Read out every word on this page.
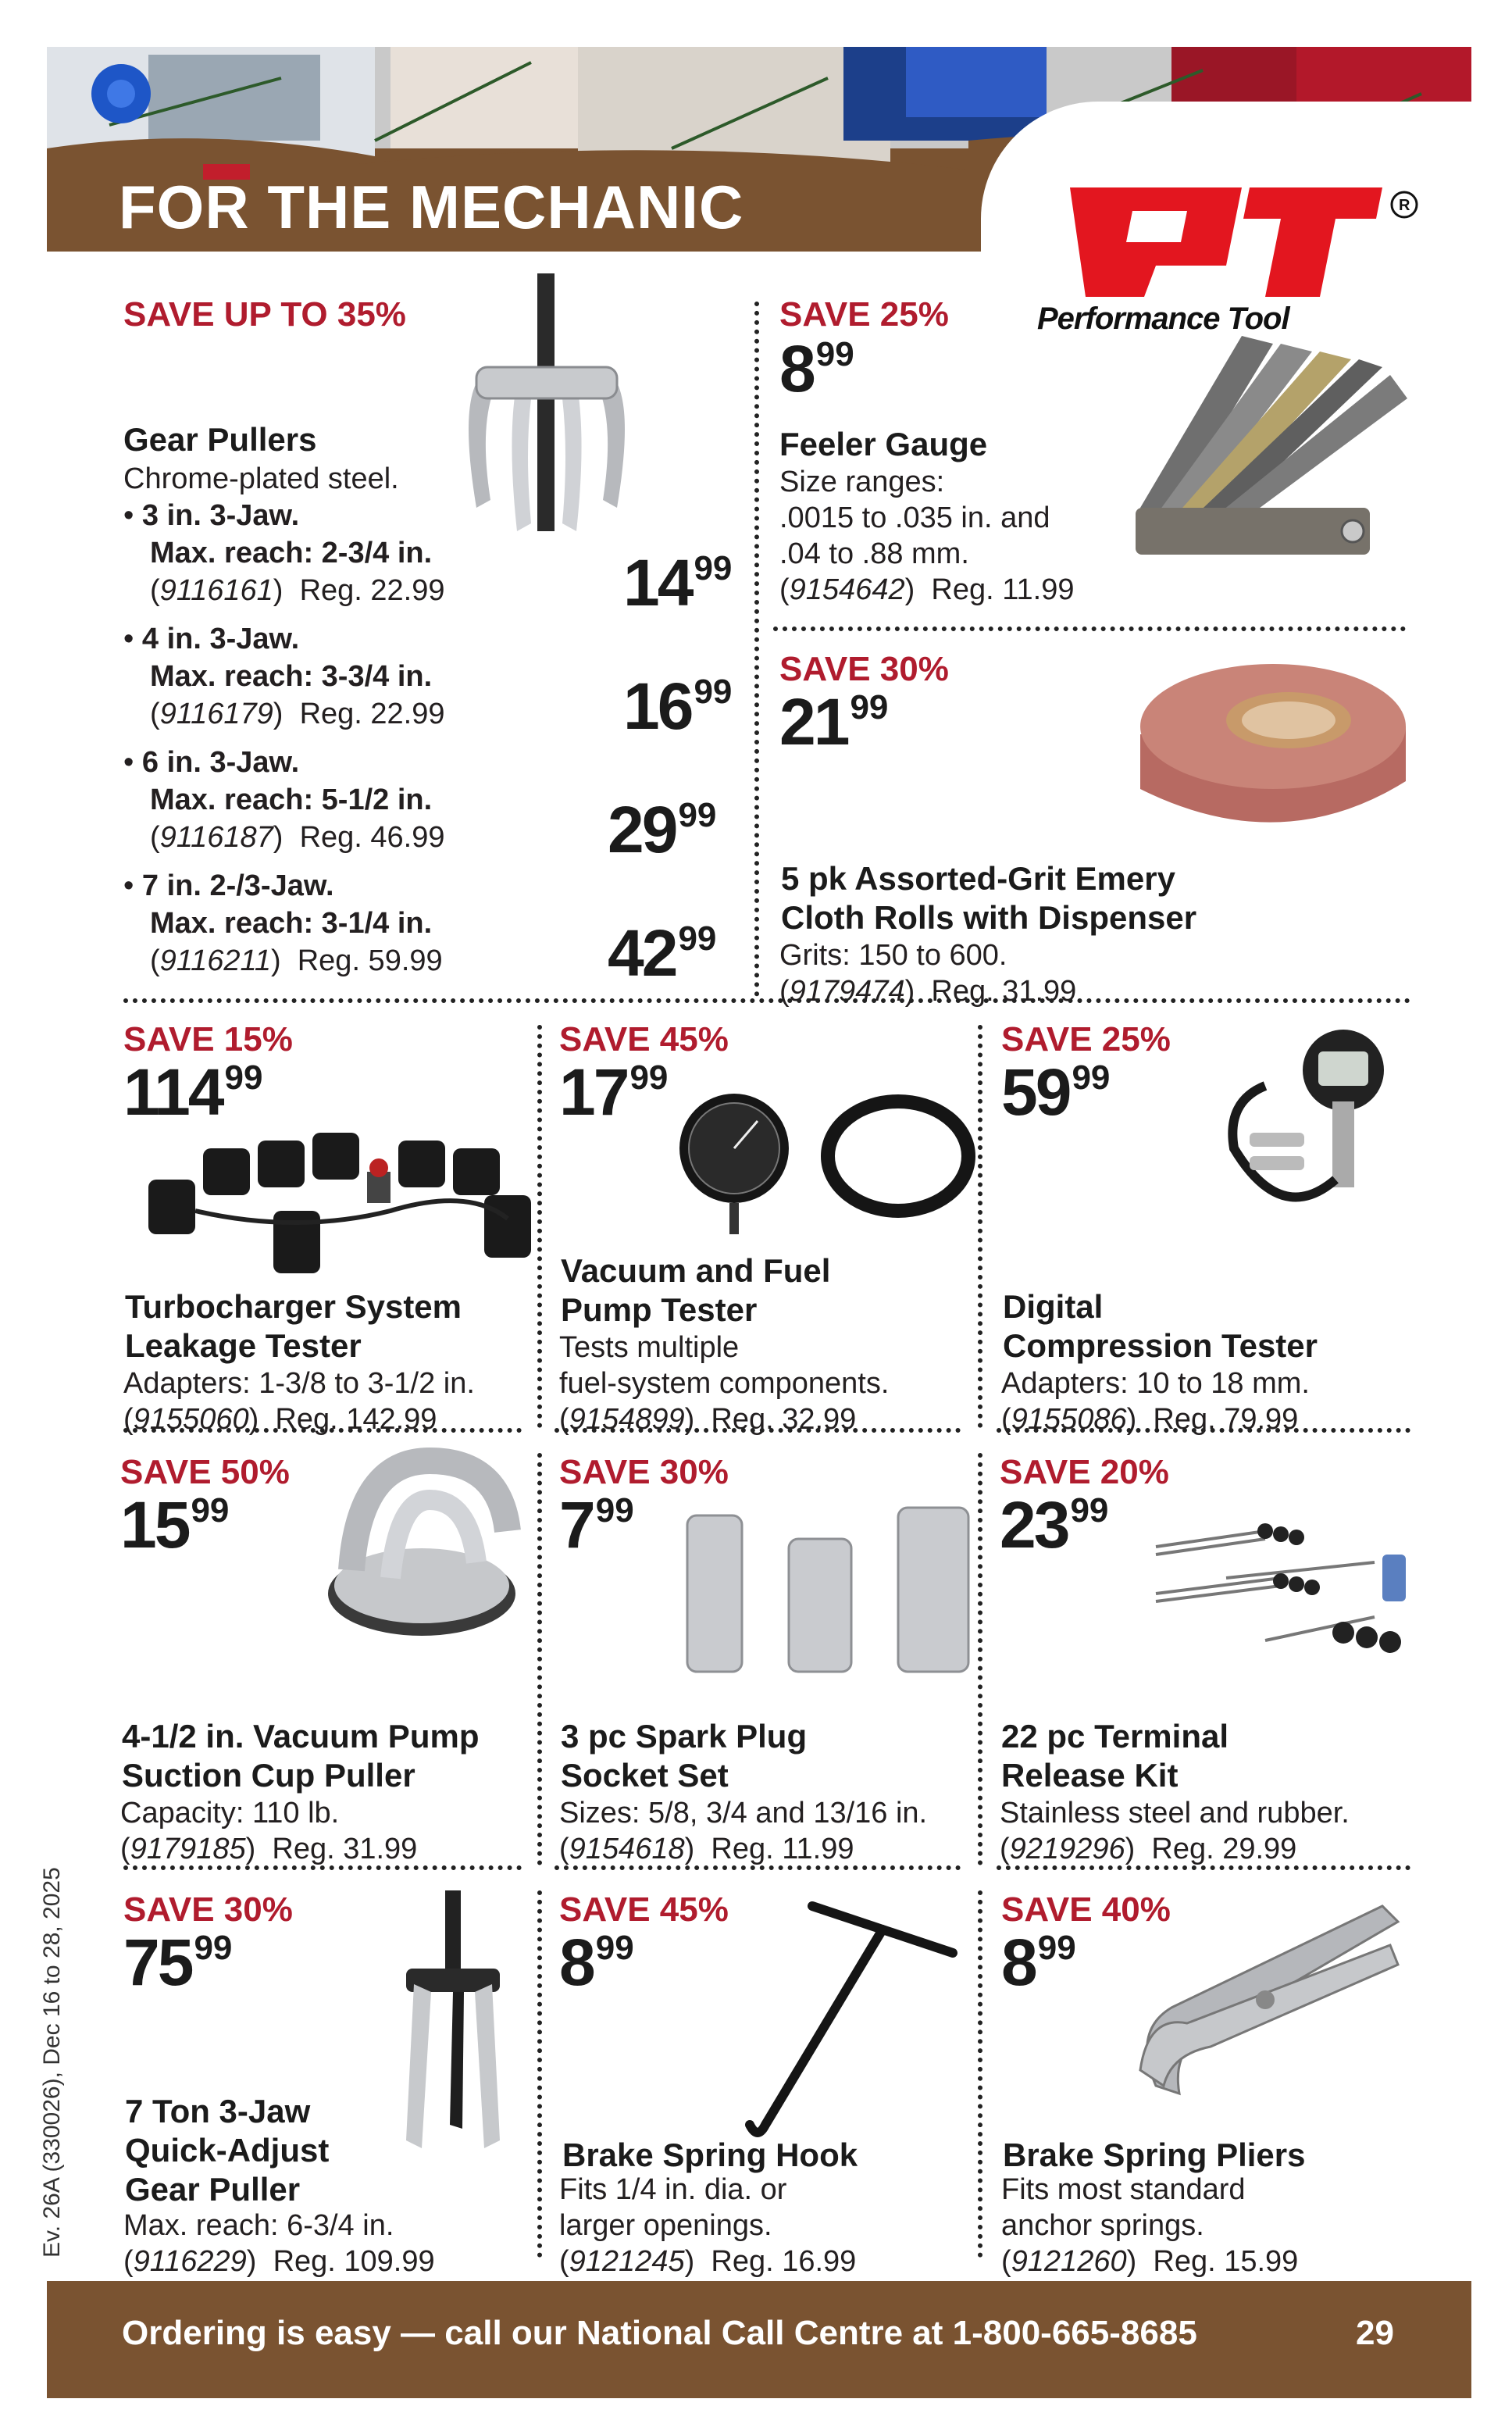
FOR THE MECHANIC	R
Performance Tool
SAVE UP TO 35%
Gear Pullers
Chrome-plated steel.
• 3 in. 3-Jaw.
Max. reach: 2-3/4 in.
(9116161)  Reg. 22.99	$14^{99}$
• 4 in. 3-Jaw.
Max. reach: 3-3/4 in.
(9116179)  Reg. 22.99	$16^{99}$
• 6 in. 3-Jaw.
Max. reach: 5-1/2 in.
(9116187)  Reg. 46.99 $29^{99}$
• 7 in. 2-/3-Jaw.
Max. reach: 3-1/4 in.
(9116211)  Reg. 59.99	$42^{99}$
SAVE 25%
$8^{99}$
Feeler Gauge
Size ranges:
.0015 to .035 in. and
.04 to .88 mm.
(9154642)  Reg. 11.99
SAVE 30%
$21^{99}$
5 pk Assorted-Grit Emery
Cloth Rolls with Dispenser
Grits: 150 to 600.
(9179474)  Reg. 31.99
SAVE 15%
$114^{99}$
Turbocharger System
Leakage Tester
Adapters: 1-3/8 to 3-1/2 in.
(9155060)  Reg. 142.99
SAVE 45%
$17^{99}$
Vacuum and Fuel
Pump Tester
Tests multiple
fuel-system components.
(9154899)  Reg. 32.99
SAVE 25%
$59^{99}$
Digital
Compression Tester
Adapters: 10 to 18 mm.
(9155086)  Reg. 79.99
SAVE 50%
$15^{99}$
4-1/2 in. Vacuum Pump
Suction Cup Puller
Capacity: 110 lb.
(9179185)  Reg. 31.99
SAVE 30%
$7^{99}$
3 pc Spark Plug
Socket Set
Sizes: 5/8, 3/4 and 13/16 in.
(9154618)  Reg. 11.99
SAVE 20%
$23^{99}$
22 pc Terminal
Release Kit
Stainless steel and rubber.
(9219296)  Reg. 29.99
SAVE 30%
$75^{99}$
7 Ton 3-Jaw
Quick-Adjust
Gear Puller
Max. reach: 6-3/4 in.
(9116229)  Reg. 109.99
SAVE 45%
$8^{99}$
Brake Spring Hook
Fits 1/4 in. dia. or
larger openings.
(9121245)  Reg. 16.99
SAVE 40%
$8^{99}$
Brake Spring Pliers
Fits most standard
anchor springs.
(9121260)  Reg. 15.99
Ev. 26A (330026), Dec 16 to 28, 2025
Ordering is easy — call our National Call Centre at 1-800-665-8685	29
